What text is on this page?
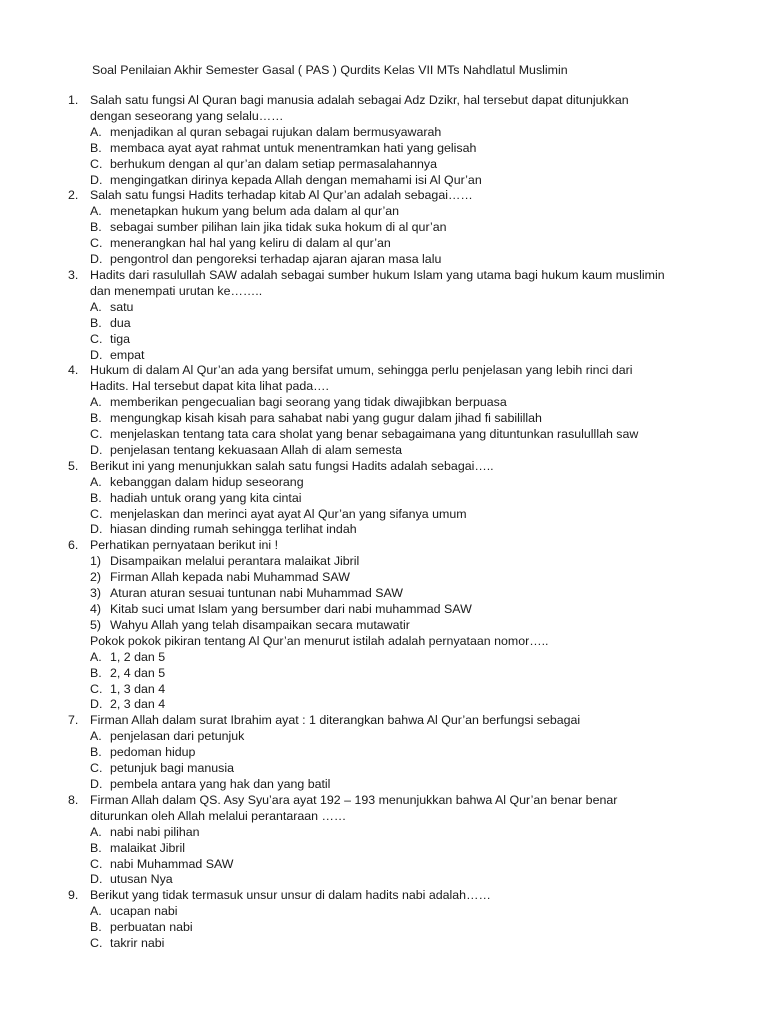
Soal Penilaian Akhir Semester Gasal ( PAS ) Qurdits Kelas VII MTs Nahdlatul Muslimin
1. Salah satu fungsi Al Quran bagi manusia adalah sebagai Adz Dzikr, hal tersebut dapat ditunjukkan
dengan seseorang yang selalu……
A. menjadikan al quran sebagai rujukan dalam bermusyawarah
B. membaca ayat ayat rahmat untuk menentramkan hati yang gelisah
C. berhukum dengan al qur’an dalam setiap permasalahannya
D. mengingatkan dirinya kepada Allah dengan memahami isi Al Qur’an
2. Salah satu fungsi Hadits terhadap kitab Al Qur’an adalah sebagai……
A. menetapkan hukum yang belum ada dalam al qur’an
B. sebagai sumber pilihan lain jika tidak suka hokum di al qur’an
C. menerangkan hal hal yang keliru di dalam al qur’an
D. pengontrol dan pengoreksi terhadap ajaran ajaran masa lalu
3. Hadits dari rasulullah SAW adalah sebagai sumber hukum Islam yang utama bagi hukum kaum muslimin
dan menempati urutan ke……..
A. satu
B. dua
C. tiga
D. empat
4. Hukum di dalam Al Qur’an ada yang bersifat umum, sehingga perlu penjelasan yang lebih rinci dari
Hadits. Hal tersebut dapat kita lihat pada….
A. memberikan pengecualian bagi seorang yang tidak diwajibkan berpuasa
B. mengungkap kisah kisah para sahabat nabi yang gugur dalam jihad fi sabilillah
C. menjelaskan tentang tata cara sholat yang benar sebagaimana yang dituntunkan rasululllah saw
D. penjelasan tentang kekuasaan Allah di alam semesta
5. Berikut ini yang menunjukkan salah satu fungsi Hadits adalah sebagai…..
A. kebanggan dalam hidup seseorang
B. hadiah untuk orang yang kita cintai
C. menjelaskan dan merinci ayat ayat Al Qur’an yang sifanya umum
D. hiasan dinding rumah sehingga terlihat indah
6. Perhatikan pernyataan berikut ini !
1) Disampaikan melalui perantara malaikat Jibril
2) Firman Allah kepada nabi Muhammad SAW
3) Aturan aturan sesuai tuntunan nabi Muhammad SAW
4) Kitab suci umat Islam yang bersumber dari nabi muhammad SAW
5) Wahyu Allah yang telah disampaikan secara mutawatir
Pokok pokok pikiran tentang Al Qur’an menurut istilah adalah pernyataan nomor…..
A. 1, 2 dan 5
B. 2, 4 dan 5
C. 1, 3 dan 4
D. 2, 3 dan 4
7. Firman Allah dalam surat Ibrahim ayat : 1 diterangkan bahwa Al Qur’an berfungsi sebagai
A. penjelasan dari petunjuk
B. pedoman hidup
C. petunjuk bagi manusia
D. pembela antara yang hak dan yang batil
8. Firman Allah dalam QS. Asy Syu’ara ayat 192 – 193 menunjukkan bahwa Al Qur’an benar benar
diturunkan oleh Allah melalui perantaraan ……
A. nabi nabi pilihan
B. malaikat Jibril
C. nabi Muhammad SAW
D. utusan Nya
9. Berikut yang tidak termasuk unsur unsur di dalam hadits nabi adalah……
A. ucapan nabi
B. perbuatan nabi
C. takrir nabi
